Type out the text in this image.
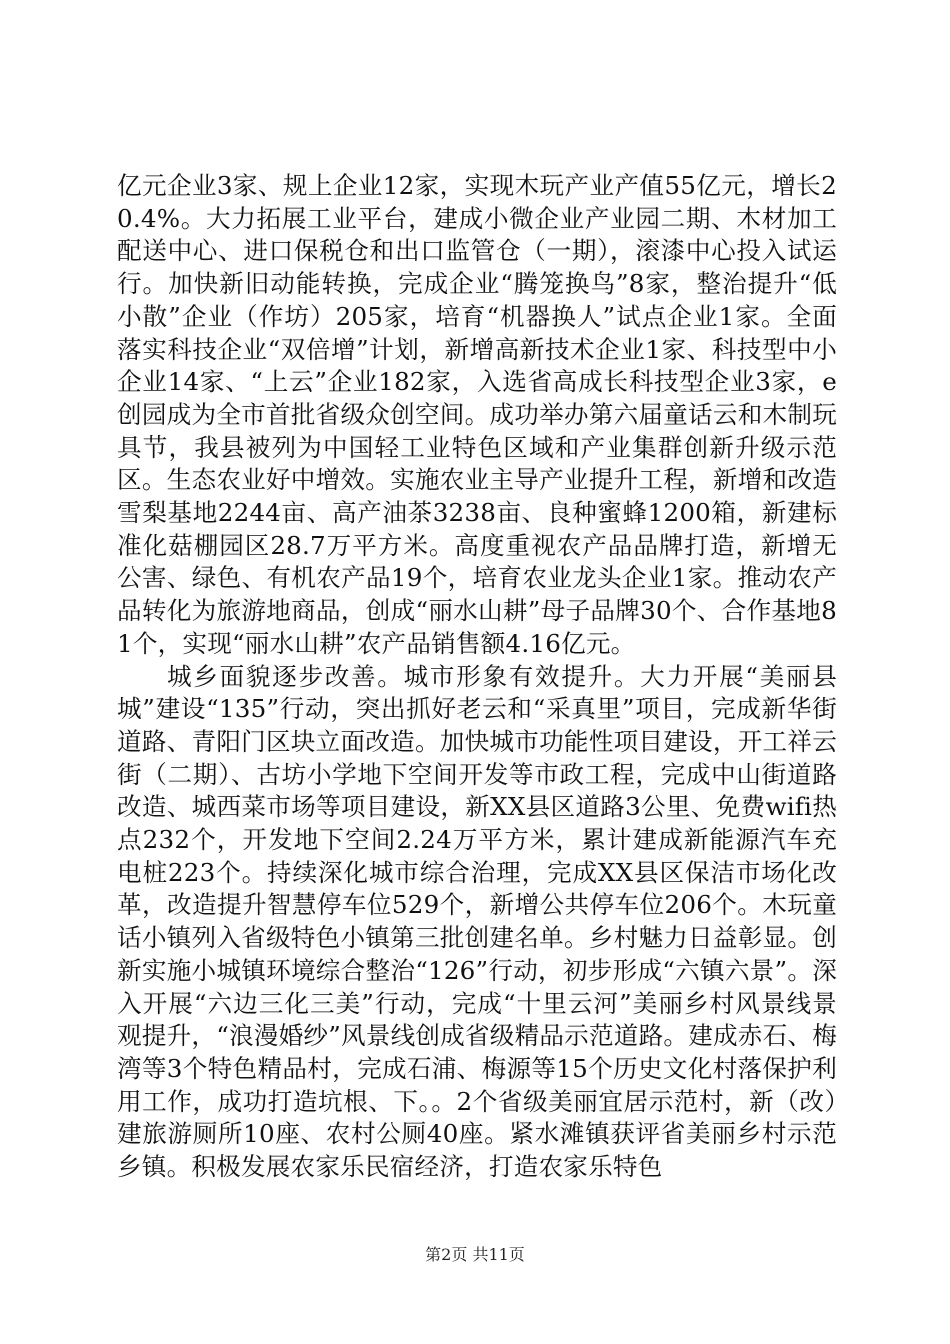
亿元企业3家、规上企业12家，实现木玩产业产值55亿元，增长20.4%。大力拓展工业平台，建成小微企业产业园二期、木材加工配送中心、进口保税仓和出口监管仓（一期），滚漆中心投入试运行。加快新旧动能转换，完成企业“腾笼换鸟”8家，整治提升“低小散”企业（作坊）205家，培育“机器换人”试点企业1家。全面落实科技企业“双倍增”计划，新增高新技术企业1家、科技型中小企业14家、“上云”企业182家，入选省高成长科技型企业3家，e创园成为全市首批省级众创空间。成功举办第六届童话云和木制玩具节，我县被列为中国轻工业特色区域和产业集群创新升级示范区。生态农业好中增效。实施农业主导产业提升工程，新增和改造雪梨基地2244亩、高产油茶3238亩、良种蜜蜂1200箱，新建标准化菇棚园区28.7万平方米。高度重视农产品品牌打造，新增无公害、绿色、有机农产品19个，培育农业龙头企业1家。推动农产品转化为旅游地商品，创成“丽水山耕”母子品牌30个、合作基地81个，实现“丽水山耕”农产品销售额4.16亿元。

城乡面貌逐步改善。城市形象有效提升。大力开展“美丽县城”建设“135”行动，突出抓好老云和“采真里”项目，完成新华街道路、青阳门区块立面改造。加快城市功能性项目建设，开工祥云街（二期）、古坊小学地下空间开发等市政工程，完成中山街道路改造、城西菜市场等项目建设，新XX县区道路3公里、免费wifi热点232个，开发地下空间2.24万平方米，累计建成新能源汽车充电桩223个。持续深化城市综合治理，完成XX县区保洁市场化改革，改造提升智慧停车位529个，新增公共停车位206个。木玩童话小镇列入省级特色小镇第三批创建名单。乡村魅力日益彰显。创新实施小城镇环境综合整治“126”行动，初步形成“六镇六景”。深入开展“六边三化三美”行动，完成“十里云河”美丽乡村风景线景观提升，“浪漫婚纱”风景线创成省级精品示范道路。建成赤石、梅湾等3个特色精品村，完成石浦、梅源等15个历史文化村落保护利用工作，成功打造坑根、下。。2个省级美丽宜居示范村，新（改）建旅游厕所10座、农村公厕40座。紧水滩镇获评省美丽乡村示范乡镇。积极发展农家乐民宿经济，打造农家乐特色

第2页 共11页
